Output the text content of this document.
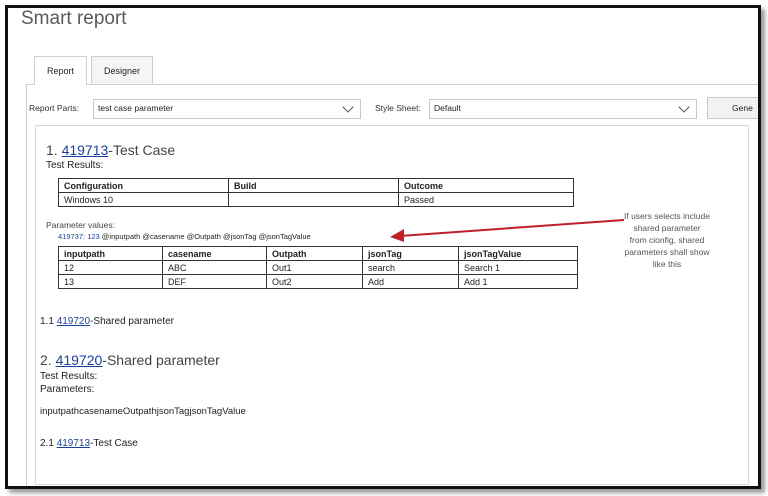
Smart report
Report	Designer
Report Parts:	test case parameter	Style Sheet:	Default	Gene
1. 419713-Test Case
Test Results:
Configuration	Build	Outcome
Windows 10		Passed
Parameter values:
419737: 123 @inputpath @casename @Outpath @jsonTag @jsonTagValue
inputpath	casename	Outpath	jsonTag	jsonTagValue
12	ABC	Out1	search	Search 1
13	DEF	Out2	Add	Add 1
1.1 419720-Shared parameter
2. 419720-Shared parameter
Test Results:
Parameters:
inputpathcasenameOutpathjsonTagjsonTagValue
2.1 419713-Test Case
If users selects include shared parameter from cionfig, shared parameters shall show like this
